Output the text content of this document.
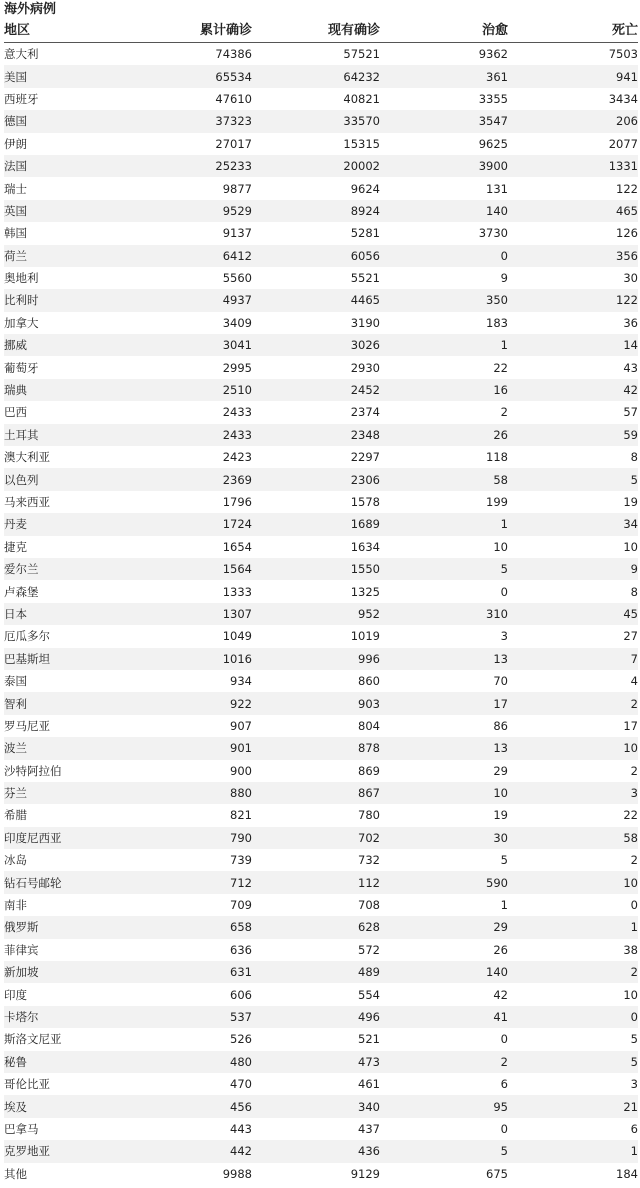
海外病例
地区	累计确诊	现有确诊	治愈	死亡
意大利	74386	57521	9362	7503
美国	65534	64232	361	941
西班牙	47610	40821	3355	3434
德国	37323	33570	3547	206
伊朗	27017	15315	9625	2077
法国	25233	20002	3900	1331
瑞士	9877	9624	131	122
英国	9529	8924	140	465
韩国	9137	5281	3730	126
荷兰	6412	6056	0	356
奥地利	5560	5521	9	30
比利时	4937	4465	350	122
加拿大	3409	3190	183	36
挪威	3041	3026	1	14
葡萄牙	2995	2930	22	43
瑞典	2510	2452	16	42
巴西	2433	2374	2	57
土耳其	2433	2348	26	59
澳大利亚	2423	2297	118	8
以色列	2369	2306	58	5
马来西亚	1796	1578	199	19
丹麦	1724	1689	1	34
捷克	1654	1634	10	10
爱尔兰	1564	1550	5	9
卢森堡	1333	1325	0	8
日本	1307	952	310	45
厄瓜多尔	1049	1019	3	27
巴基斯坦	1016	996	13	7
泰国	934	860	70	4
智利	922	903	17	2
罗马尼亚	907	804	86	17
波兰	901	878	13	10
沙特阿拉伯	900	869	29	2
芬兰	880	867	10	3
希腊	821	780	19	22
印度尼西亚	790	702	30	58
冰岛	739	732	5	2
钻石号邮轮	712	112	590	10
南非	709	708	1	0
俄罗斯	658	628	29	1
菲律宾	636	572	26	38
新加坡	631	489	140	2
印度	606	554	42	10
卡塔尔	537	496	41	0
斯洛文尼亚	526	521	0	5
秘鲁	480	473	2	5
哥伦比亚	470	461	6	3
埃及	456	340	95	21
巴拿马	443	437	0	6
克罗地亚	442	436	5	1
其他	9988	9129	675	184
